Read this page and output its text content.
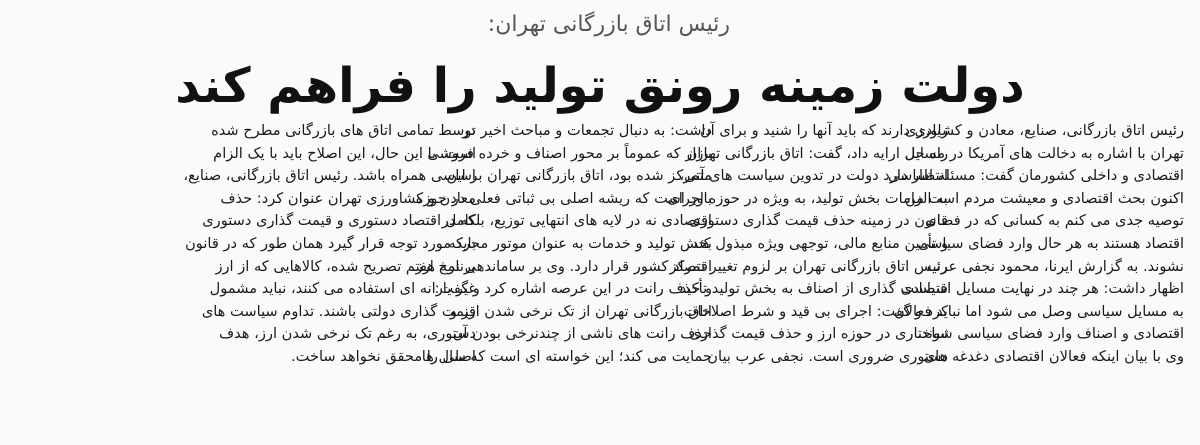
رئیس اتاق بازرگانی تهران:
دولت زمینه رونق تولید را فراهم کند
رئیس اتاق بازرگانی، صنایع، معادن و کشاورزی
تهران با اشاره به دخالت های آمریکا در مسایل
اقتصادی و داخلی کشورمان گفت: مسئله اساسی
اکنون بحث اقتصادی و معیشت مردم است من
توصیه جدی می کنم به کسانی که در فضای
اقتصاد هستند به هر حال وارد فضای سیاسی
نشوند. به گزارش ایرنا، محمود نجفی عرب
اظهار داشت: هر چند در نهایت مسایل اقتصادی
به مسایل سیاسی وصل می شود اما نباید فعالان
اقتصادی و اصناف وارد فضای سیاسی شوند.
وی با بیان اینکه فعالان اقتصادی دغدغه های
زیادی دارند که باید آنها را شنید و برای آن
راه حل ارایه داد، گفت: اتاق بازرگانی تهران
انتظار دارد دولت در تدوین سیاست های آتی،
به الزامات بخش تولید، به ویژه در حوزه اجرای
قانون در زمینه حذف قیمت گذاری دستوری
و تأمین منابع مالی، توجهی ویژه مبذول کند.
رئیس اتاق بازرگانی تهران بر لزوم تغییر تمرکز
سیاست گذاری از اصناف به بخش تولید تأکید
کرد و گفت: اجرای بی قید و شرط اصلاحات
ساختاری در حوزه ارز و حذف قیمت گذاری
دستوری ضروری است. نجفی عرب بیان
داشت: به دنبال تجمعات و مباحث اخیر در
بازار که عموماً بر محور اصناف و خرده فروشی
متمرکز شده بود، اتاق بازرگانی تهران بر این
باور است که ریشه اصلی بی ثباتی فعلی در حوزه
اقتصادی نه در لایه های انتهایی توزیع، بلکه در
بخش تولید و خدمات به عنوان موتور محرکه
اقتصاد کشور قرار دارد. وی بر ساماندهی نرخ ارز
و حذف رانت در این عرصه اشاره کرد و گفت:
اتاق بازرگانی تهران از تک نرخی شدن ارز و
حذف رانت های ناشی از چندنرخی بودن آن
حمایت می کند؛ این خواسته ای است که سال ها
توسط تمامی اتاق های بازرگانی مطرح شده
است. با این حال، این اصلاح باید با یک الزام
اساسی همراه باشد. رئیس اتاق بازرگانی، صنایع،
معادن و کشاورزی تهران عنوان کرد: حذف
کامل اقتصاد دستوری و قیمت گذاری دستوری
باید مورد توجه قرار گیرد همان طور که در قانون
برنامه هفتم تصریح شده، کالاهایی که از ارز
غیر یارانه ای استفاده می کنند، نباید مشمول
قیمت گذاری دولتی باشند. تداوم سیاست های
دستوری، به رغم تک نرخی شدن ارز، هدف
اصلی را محقق نخواهد ساخت.
